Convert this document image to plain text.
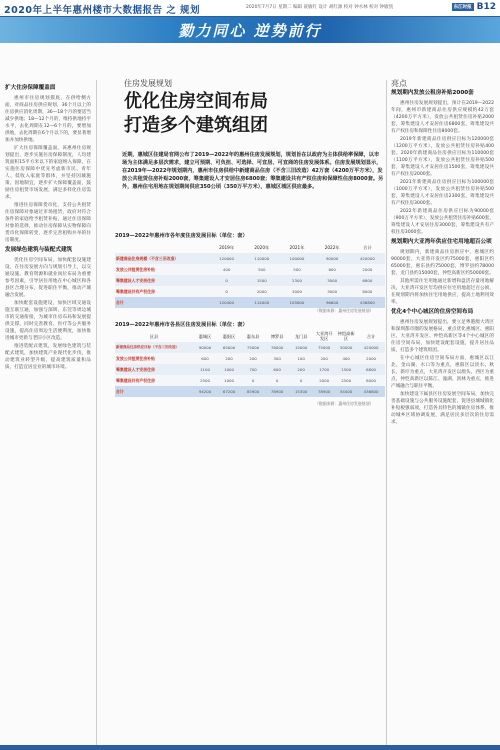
2020年上半年惠州楼市大数据报告 之 规划	2020年7月7日 星期二 编辑 聂敏红 设计 胡红源 校对 钟水林 校对 钟敏凯	东江时报 B12
勠力同心 逆势前行
扩大住房保障覆盖面

惠州市住房规划摸底，在供给侧方面，对商品住房供应规划，36个月以上的住房供应消化周期，36—18个月的要适当减少供地；18—12个月的，维持供地持平水平，去化周期在12—6个月的，要增加供地，去化周期在6个月以下的，要显著增加并加快供地。

扩大住房保障覆盖面，该惠州住房规划提出，逐步实施住房保障制度，人均建筑面积15平方米以下的家庭纳入保障，在实施住房保障中优先考虑新市民、青年人、低收入家庭等群体，并坚持因城施策、因地制宜，逐步扩大保障覆盖面，鼓励住房租赁市场发展，满足多样化住房需求。

推进住房保障货币化，支持公共租赁住房保障对象通过市场租赁，政府对符合条件的家庭给予租赁补贴，通过住房保障对象的选择，推动住房保障从实物保障向货币化保障转变，逐步完善租购并举的住房制度。

发展绿色建筑与装配式建筑

优化住房空间布局，加快配套设施建设，在住房发展方向与规划引导上，以交通设施、教育资源和就业岗位布局为重要参考因素，引导居住用地在中心城区和各县区合理分布，促进职住平衡，推动产城融合发展。

加快配套设施建设，加快区域交通设施互联互通，加强与深圳、东莞等周边城市的交通衔接，为城市住房布局和发展提供支撑。同时完善教育、医疗等公共服务设施，提高住房周边生活便利度，加快推进城市更新与老旧小区改造。

推进装配式建筑，发展绿色建筑与装配式建筑，加快建筑产业现代化步伐，推动建筑业转型升级，提高建筑质量和品质，打造宜居宜业的城市环境。

住房发展规划
优化住房空间布局
打造多个建筑组团
近期，惠城区住建局官网公布了2019—2022年的惠州住房发展规划，规划旨在以政府为主体供给率保障，以市场为主体满足多层次需求，建立可预期、可负担、可选择、可宜居、可宜商的住房发展体系。住房发展规划显示，在2019年—2022年规划期内，惠州市住房供给中新建商品住房（不含三旧改造）42万套（4200万平方米），发放公共租赁住房补贴2000套，筹集建设人才安居住房6800套；筹集建设共有产权住房和保障性住房8000套。另外，惠州住宅用地在规划期间供应350公顷（350万平方米），惠城区城区供应最多。
2019—2022年惠州市各年度住房发展目标（单位：套）
	2019年	2020年	2021年	2022年	合计
新建商品住房规模（不含三旧改造）	120000	110000	100000	90000	420000
发放公共租赁住房补贴	400	500	500	600	2000
筹集建设人才安居住房	0	1500	2300	3000	6800
筹集建设共有产权住房	0	2000	3000	3000	8000
合计	120400	114000	105800	96600	436800
（数据来源：惠州住房发展规划）
2019—2022年惠州市各县区住房发展目标（单位：套）
区县	惠城区	惠阳区	惠东县	博罗县	龙门县	大亚湾开发区	仲恺高新区	合计
新建商品住房供应目标（不含三旧改造）	90000	65000	75000	78000	15000	75000	50000	420000
发放公共租赁住房补贴	600	200	200	300	100	200	400	2000
筹集建设人才安居住房	1100	1000	700	600	200	1700	1500	6800
筹集建设共有产权住房	2500	1000	0	0	0	2000	2500	8000
合计	94200	67200	85900	78900	15300	78900	54400	436800
（数据来源：惠州住房发展规划）
亮点
规划期内发放公租房补贴2000套

惠州住房发展规划提出，预计在2019—2022年间，惠州市新建商品住房供应规模约42万套（4200万平方米），发放公共租赁住房补贴2000套，筹集建设人才安居住房6800套，筹集建设共有产权住房和保障性住房8000套。

2019年新建商品住房供应目标为120000套（1200万平方米），发放公共租赁住房补贴400套。2020年新建商品住房供应目标为110000套（1100万平方米），发放公共租赁住房补贴500套，筹集建设人才安居住房1500套，筹集建设共有产权住房2000套。

2021年新建商品住房供应目标为100000套（1000万平方米），发放公共租赁住房补贴500套，筹集建设人才安居住房2300套，筹集建设共有产权住房3000套。

2022年新建商品住房供应目标为90000套（900万平方米），发放公共租赁住房补贴600套，筹集建设人才安居住房3000套，筹集建设共有产权住房3000套。

规划期内大亚湾年供应住宅用地超百公顷

规划期内，新建商品住房供应中，惠城区约90000套，大亚湾开发区约75000套，惠阳区约65000套，惠东县约75000套，博罗县约78000套，龙门县约15000套，仲恺高新区约50000套。

其他所需住宅用地通过新增和盘活存量用地解决，大亚湾开发区年均供应住宅用地超过百公顷，在规划期内将加快住宅用地供应，提高土地利用效率。

优化4个中心城区的住房空间布局

惠州住房发展规划提出，要立足粤港澳大湾区和深圳都市圈的发展格局，重点优化惠城区、惠阳区、大亚湾开发区、仲恺高新区等4个中心城区的住房空间布局，加快建设配套设施，提升居住品质，打造多个建筑组团。

在中心城区住房空间布局方面，惠城区以江北、金山湖、水口等为重点，惠阳区以淡水、秋长、新圩为重点，大亚湾开发区以澳头、西区为重点，仲恺高新区以陈江、潼湖、沥林为重点，推进产城融合与职住平衡。

加快建设下属县区住房发展空间布局，加快完善基础设施与公共服务设施配套，促进县城城镇化补短板强弱项，打造各具特色的城镇住房体系，推动城乡区域协调发展，满足居民多层次的住房需求。
